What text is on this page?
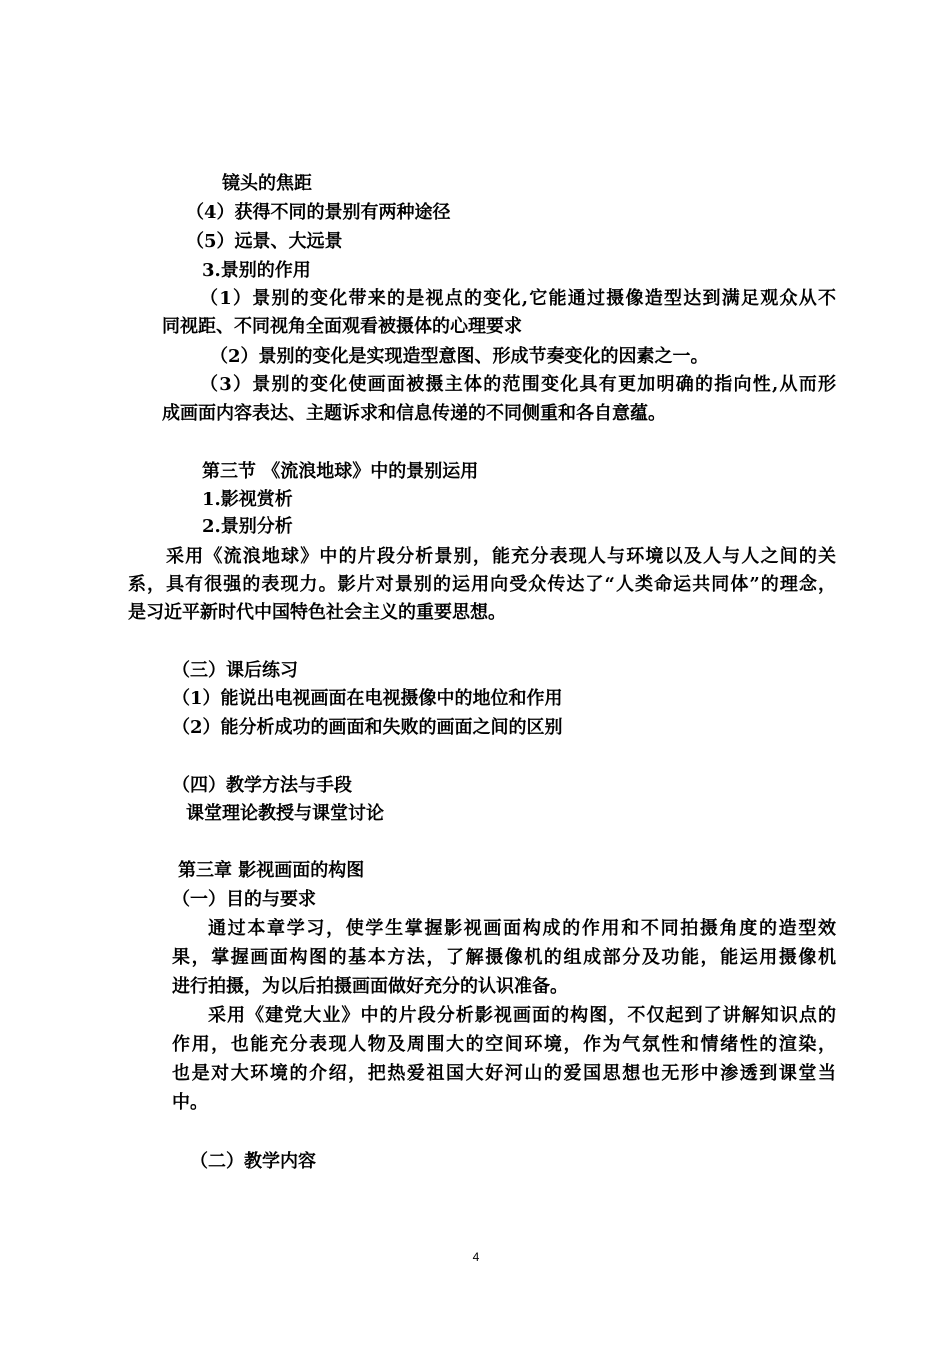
镜头的焦距
（4）获得不同的景别有两种途径
（5）远景、大远景
3.景别的作用
（1）景别的变化带来的是视点的变化,它能通过摄像造型达到满足观众从不
同视距、不同视角全面观看被摄体的心理要求
（2）景别的变化是实现造型意图、形成节奏变化的因素之一。
（3）景别的变化使画面被摄主体的范围变化具有更加明确的指向性,从而形
成画面内容表达、主题诉求和信息传递的不同侧重和各自意蕴。
第三节 《流浪地球》中的景别运用
1.影视赏析
2.景别分析
采用《流浪地球》中的片段分析景别，能充分表现人与环境以及人与人之间的关
系，具有很强的表现力。影片对景别的运用向受众传达了“人类命运共同体”的理念，
是习近平新时代中国特色社会主义的重要思想。
（三）课后练习
（1）能说出电视画面在电视摄像中的地位和作用
（2）能分析成功的画面和失败的画面之间的区别
（四）教学方法与手段
课堂理论教授与课堂讨论
第三章 影视画面的构图
（一）目的与要求
通过本章学习，使学生掌握影视画面构成的作用和不同拍摄角度的造型效
果，掌握画面构图的基本方法，了解摄像机的组成部分及功能，能运用摄像机
进行拍摄，为以后拍摄画面做好充分的认识准备。
采用《建党大业》中的片段分析影视画面的构图，不仅起到了讲解知识点的
作用，也能充分表现人物及周围大的空间环境，作为气氛性和情绪性的渲染，
也是对大环境的介绍，把热爱祖国大好河山的爱国思想也无形中渗透到课堂当
中。
（二）教学内容
4
